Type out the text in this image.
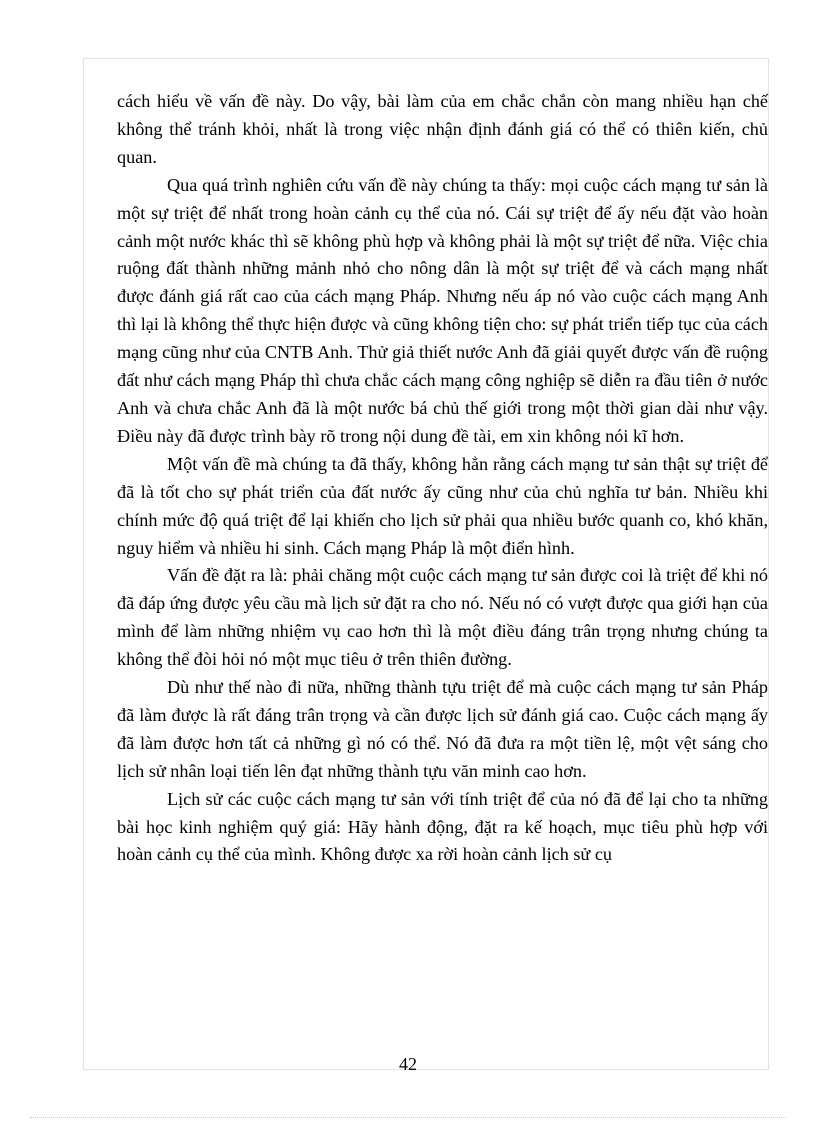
cách hiểu về vấn đề này. Do vậy, bài làm của em chắc chắn còn mang nhiều hạn chế không thể tránh khỏi, nhất là trong việc nhận định đánh giá có thể có thiên kiến, chủ quan.

Qua quá trình nghiên cứu vấn đề này chúng ta thấy: mọi cuộc cách mạng tư sản là một sự triệt để nhất trong hoàn cảnh cụ thể của nó. Cái sự triệt để ấy nếu đặt vào hoàn cảnh một nước khác thì sẽ không phù hợp và không phải là một sự triệt để nữa. Việc chia ruộng đất thành những mảnh nhỏ cho nông dân là một sự triệt để và cách mạng nhất được đánh giá rất cao của cách mạng Pháp. Nhưng nếu áp nó vào cuộc cách mạng Anh thì lại là không thể thực hiện được và cũng không tiện cho: sự phát triển tiếp tục của cách mạng cũng như của CNTB Anh. Thử giả thiết nước Anh đã giải quyết được vấn đề ruộng đất như cách mạng Pháp thì chưa chắc cách mạng công nghiệp sẽ diễn ra đầu tiên ở nước Anh và chưa chắc Anh đã là một nước bá chủ thế giới trong một thời gian dài như vậy. Điều này đã được trình bày rõ trong nội dung đề tài, em xin không nói kĩ hơn.

Một vấn đề mà chúng ta đã thấy, không hẳn rằng cách mạng tư sản thật sự triệt để đã là tốt cho sự phát triển của đất nước ấy cũng như của chủ nghĩa tư bản. Nhiều khi chính mức độ quá triệt để lại khiến cho lịch sử phải qua nhiều bước quanh co, khó khăn, nguy hiểm và nhiều hi sinh. Cách mạng Pháp là một điển hình.

Vấn đề đặt ra là: phải chăng một cuộc cách mạng tư sản được coi là triệt để khi nó đã đáp ứng được yêu cầu mà lịch sử đặt ra cho nó. Nếu nó có vượt được qua giới hạn của mình để làm những nhiệm vụ cao hơn thì là một điều đáng trân trọng nhưng chúng ta không thể đòi hỏi nó một mục tiêu ở trên thiên đường.

Dù như thế nào đi nữa, những thành tựu triệt để mà cuộc cách mạng tư sản Pháp đã làm được là rất đáng trân trọng và cần được lịch sử đánh giá cao. Cuộc cách mạng ấy đã làm được hơn tất cả những gì nó có thể. Nó đã đưa ra một tiền lệ, một vệt sáng cho lịch sử nhân loại tiến lên đạt những thành tựu văn minh cao hơn.

Lịch sử các cuộc cách mạng tư sản với tính triệt để của nó đã để lại cho ta những bài học kinh nghiệm quý giá: Hãy hành động, đặt ra kế hoạch, mục tiêu phù hợp với hoàn cảnh cụ thể của mình. Không được xa rời hoàn cảnh lịch sử cụ

42
